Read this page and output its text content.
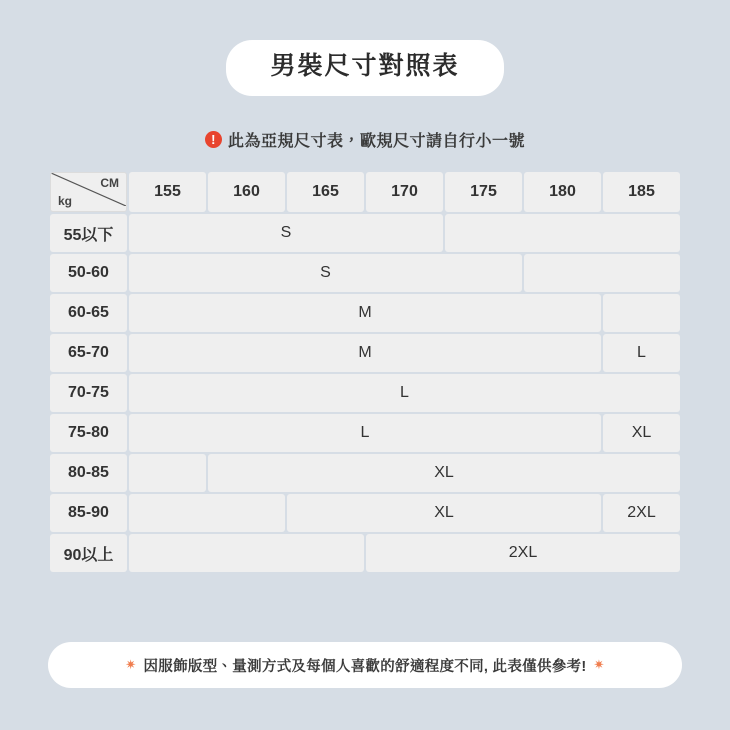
男裝尺寸對照表
! 此為亞規尺寸表，歐規尺寸請自行小一號
CM
kg	155	160	165	170	175	180	185
55以下	S						
50-60	S						
60-65	M						
65-70	M						L
70-75	L						
75-80	L						XL
80-85		XL					
85-90			XL				2XL
90以上				2XL			
✷ 因服飾版型、量測方式及每個人喜歡的舒適程度不同, 此表僅供參考! ✷
